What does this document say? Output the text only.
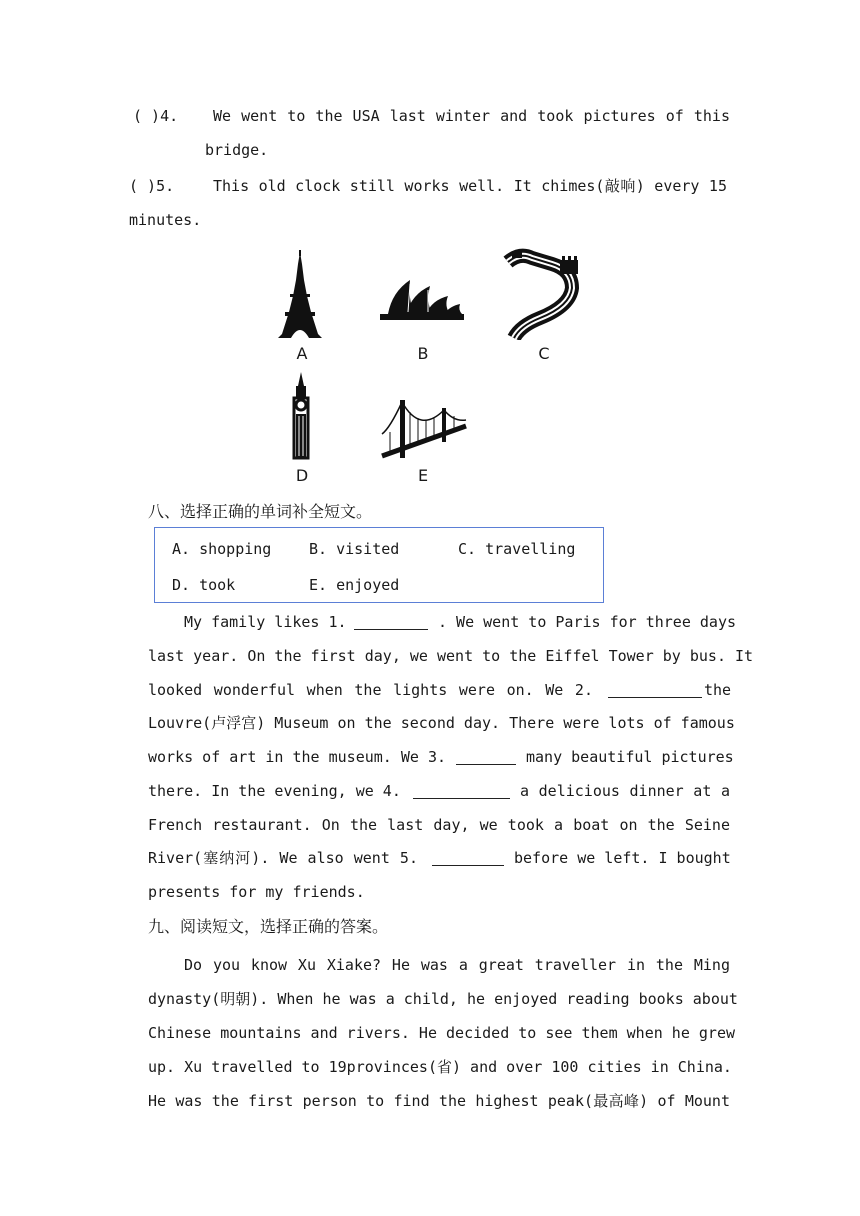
( )4. We went to the USA last winter and took pictures of this
bridge.
( )5.	This old clock still works well. It chimes(敲响) every 15
minutes.
A	B	C
D	E
八、选择正确的单词补全短文。
A. shopping	B. visited	C. travelling
D. took	E. enjoyed
My family likes 1.	. We went to Paris for three days
last year. On the first day, we went to the Eiffel Tower by bus. It
looked wonderful when the lights were on. We 2.	the
Louvre(卢浮宫) Museum on the second day. There were lots of famous
works of art in the museum. We 3.	many beautiful pictures
there. In the evening, we 4.	a delicious dinner at a
French restaurant. On the last day, we took a boat on the Seine
River(塞纳河). We also went 5.	before we left. I bought
presents for my friends.
九、阅读短文，选择正确的答案。
Do you know Xu Xiake? He was a great traveller in the Ming
dynasty(明朝). When he was a child, he enjoyed reading books about
Chinese mountains and rivers. He decided to see them when he grew
up. Xu travelled to 19provinces(省) and over 100 cities in China.
He was the first person to find the highest peak(最高峰) of Mount
